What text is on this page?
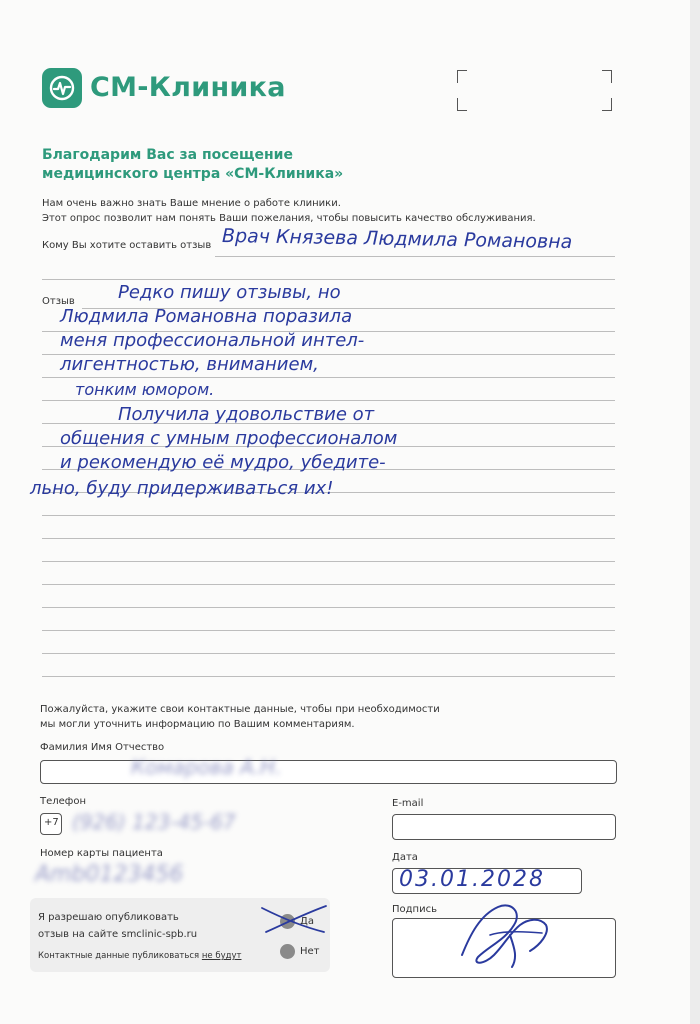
СМ-Клиника
Благодарим Вас за посещение
медицинского центра «СМ-Клиника»
Нам очень важно знать Ваше мнение о работе клиники.
Этот опрос позволит нам понять Ваши пожелания, чтобы повысить качество обслуживания.
Кому Вы хотите оставить отзыв Врач Князева Людмила Романовна
Отзыв Редко пишу отзывы, но
Людмила Романовна поразила
меня профессиональной интел-
лигентностью, вниманием,
тонким юмором.
Получила удовольствие от
общения с умным профессионалом
и рекомендую её мудро, убедите-
льно, буду придерживаться их!
Пожалуйста, укажите свои контактные данные, чтобы при необходимости
мы могли уточнить информацию по Вашим комментариям.
Фамилия Имя Отчество
Комарова А.Н.
Телефон
+7 (926) 123-45-67
E-mail
Номер карты пациента
Amb0123456
Дата
03.01.2028
Я разрешаю опубликовать
отзыв на сайте smclinic-spb.ru
Контактные данные публиковаться не будут
Да
Нет
Подпись
